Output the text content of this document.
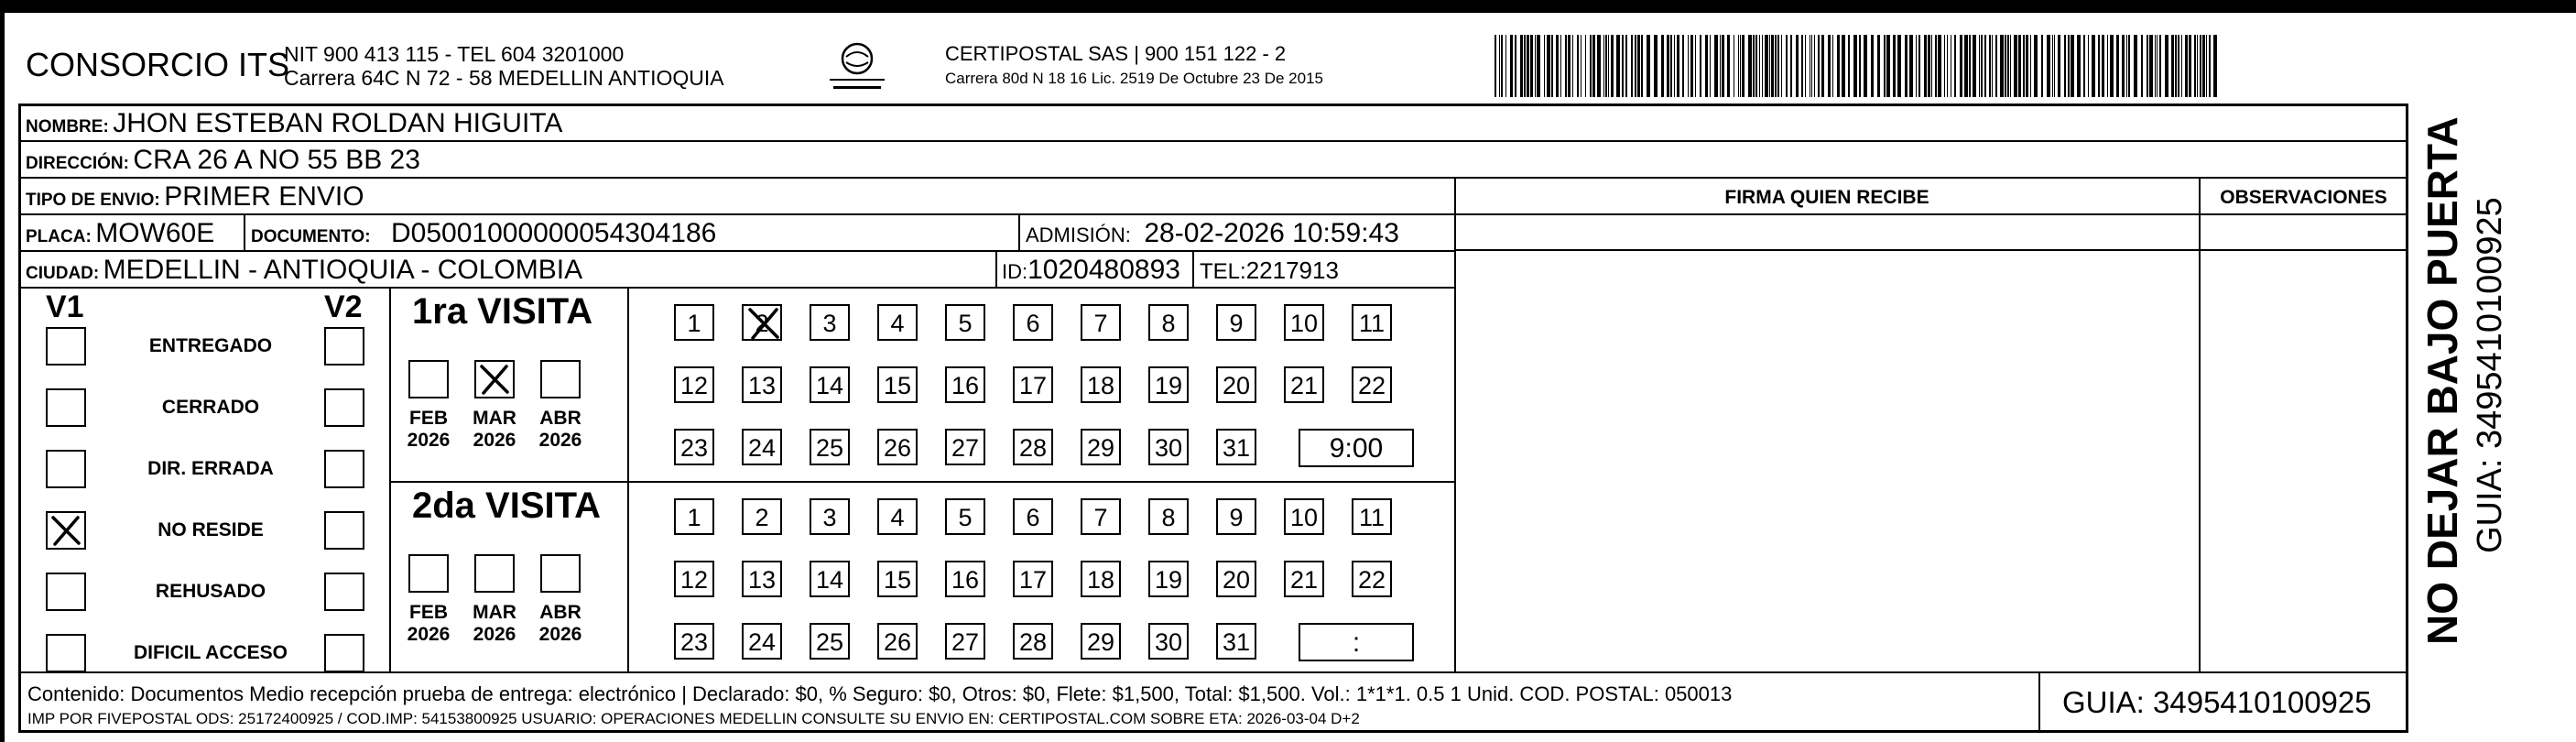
CONSORCIO ITS
NIT 900 413 115 - TEL 604 3201000
Carrera 64C N 72 - 58 MEDELLIN ANTIOQUIA
CERTIPOSTAL SAS | 900 151 122 - 2
Carrera 80d N 18 16 Lic. 2519 De Octubre 23 De 2015
NOMBRE: JHON ESTEBAN ROLDAN HIGUITA
DIRECCIÓN: CRA 26 A NO 55 BB 23
TIPO DE ENVIO: PRIMER ENVIO	FIRMA QUIEN RECIBE	OBSERVACIONES
PLACA: MOW60E DOCUMENTO: D05001000000054304186	ADMISIÓN: 28-02-2026 10:59:43
CIUDAD: MEDELLIN - ANTIOQUIA - COLOMBIA	ID:1020480893 TEL:2217913
V1	V2
ENTREGADO
CERRADO
DIR. ERRADA
NO RESIDE
REHUSADO
DIFICIL ACCESO
1ra VISITA
FEB
2026
MAR
2026
ABR
2026
1	2	3	4	5	6	7	8	9	10 11
12 13 14 15 16 17 18 19 20 21 22
23 24 25 26 27 28 29 30 31	9:00
2da VISITA
FEB
2026
MAR
2026
ABR
2026
1	2	3	4	5	6	7	8	9	10 11
12 13 14 15 16 17 18 19 20 21 22
23 24 25 26 27 28 29 30 31	:
Contenido: Documentos Medio recepción prueba de entrega: electrónico | Declarado: $0, % Seguro: $0, Otros: $0, Flete: $1,500, Total: $1,500. Vol.: 1*1*1. 0.5 1 Unid. COD. POSTAL: 050013
IMP POR FIVEPOSTAL ODS: 25172400925 / COD.IMP: 54153800925 USUARIO: OPERACIONES MEDELLIN CONSULTE SU ENVIO EN: CERTIPOSTAL.COM SOBRE ETA: 2026-03-04 D+2	GUIA: 3495410100925
NO DEJAR BAJO PUERTA GUIA: 3495410100925
